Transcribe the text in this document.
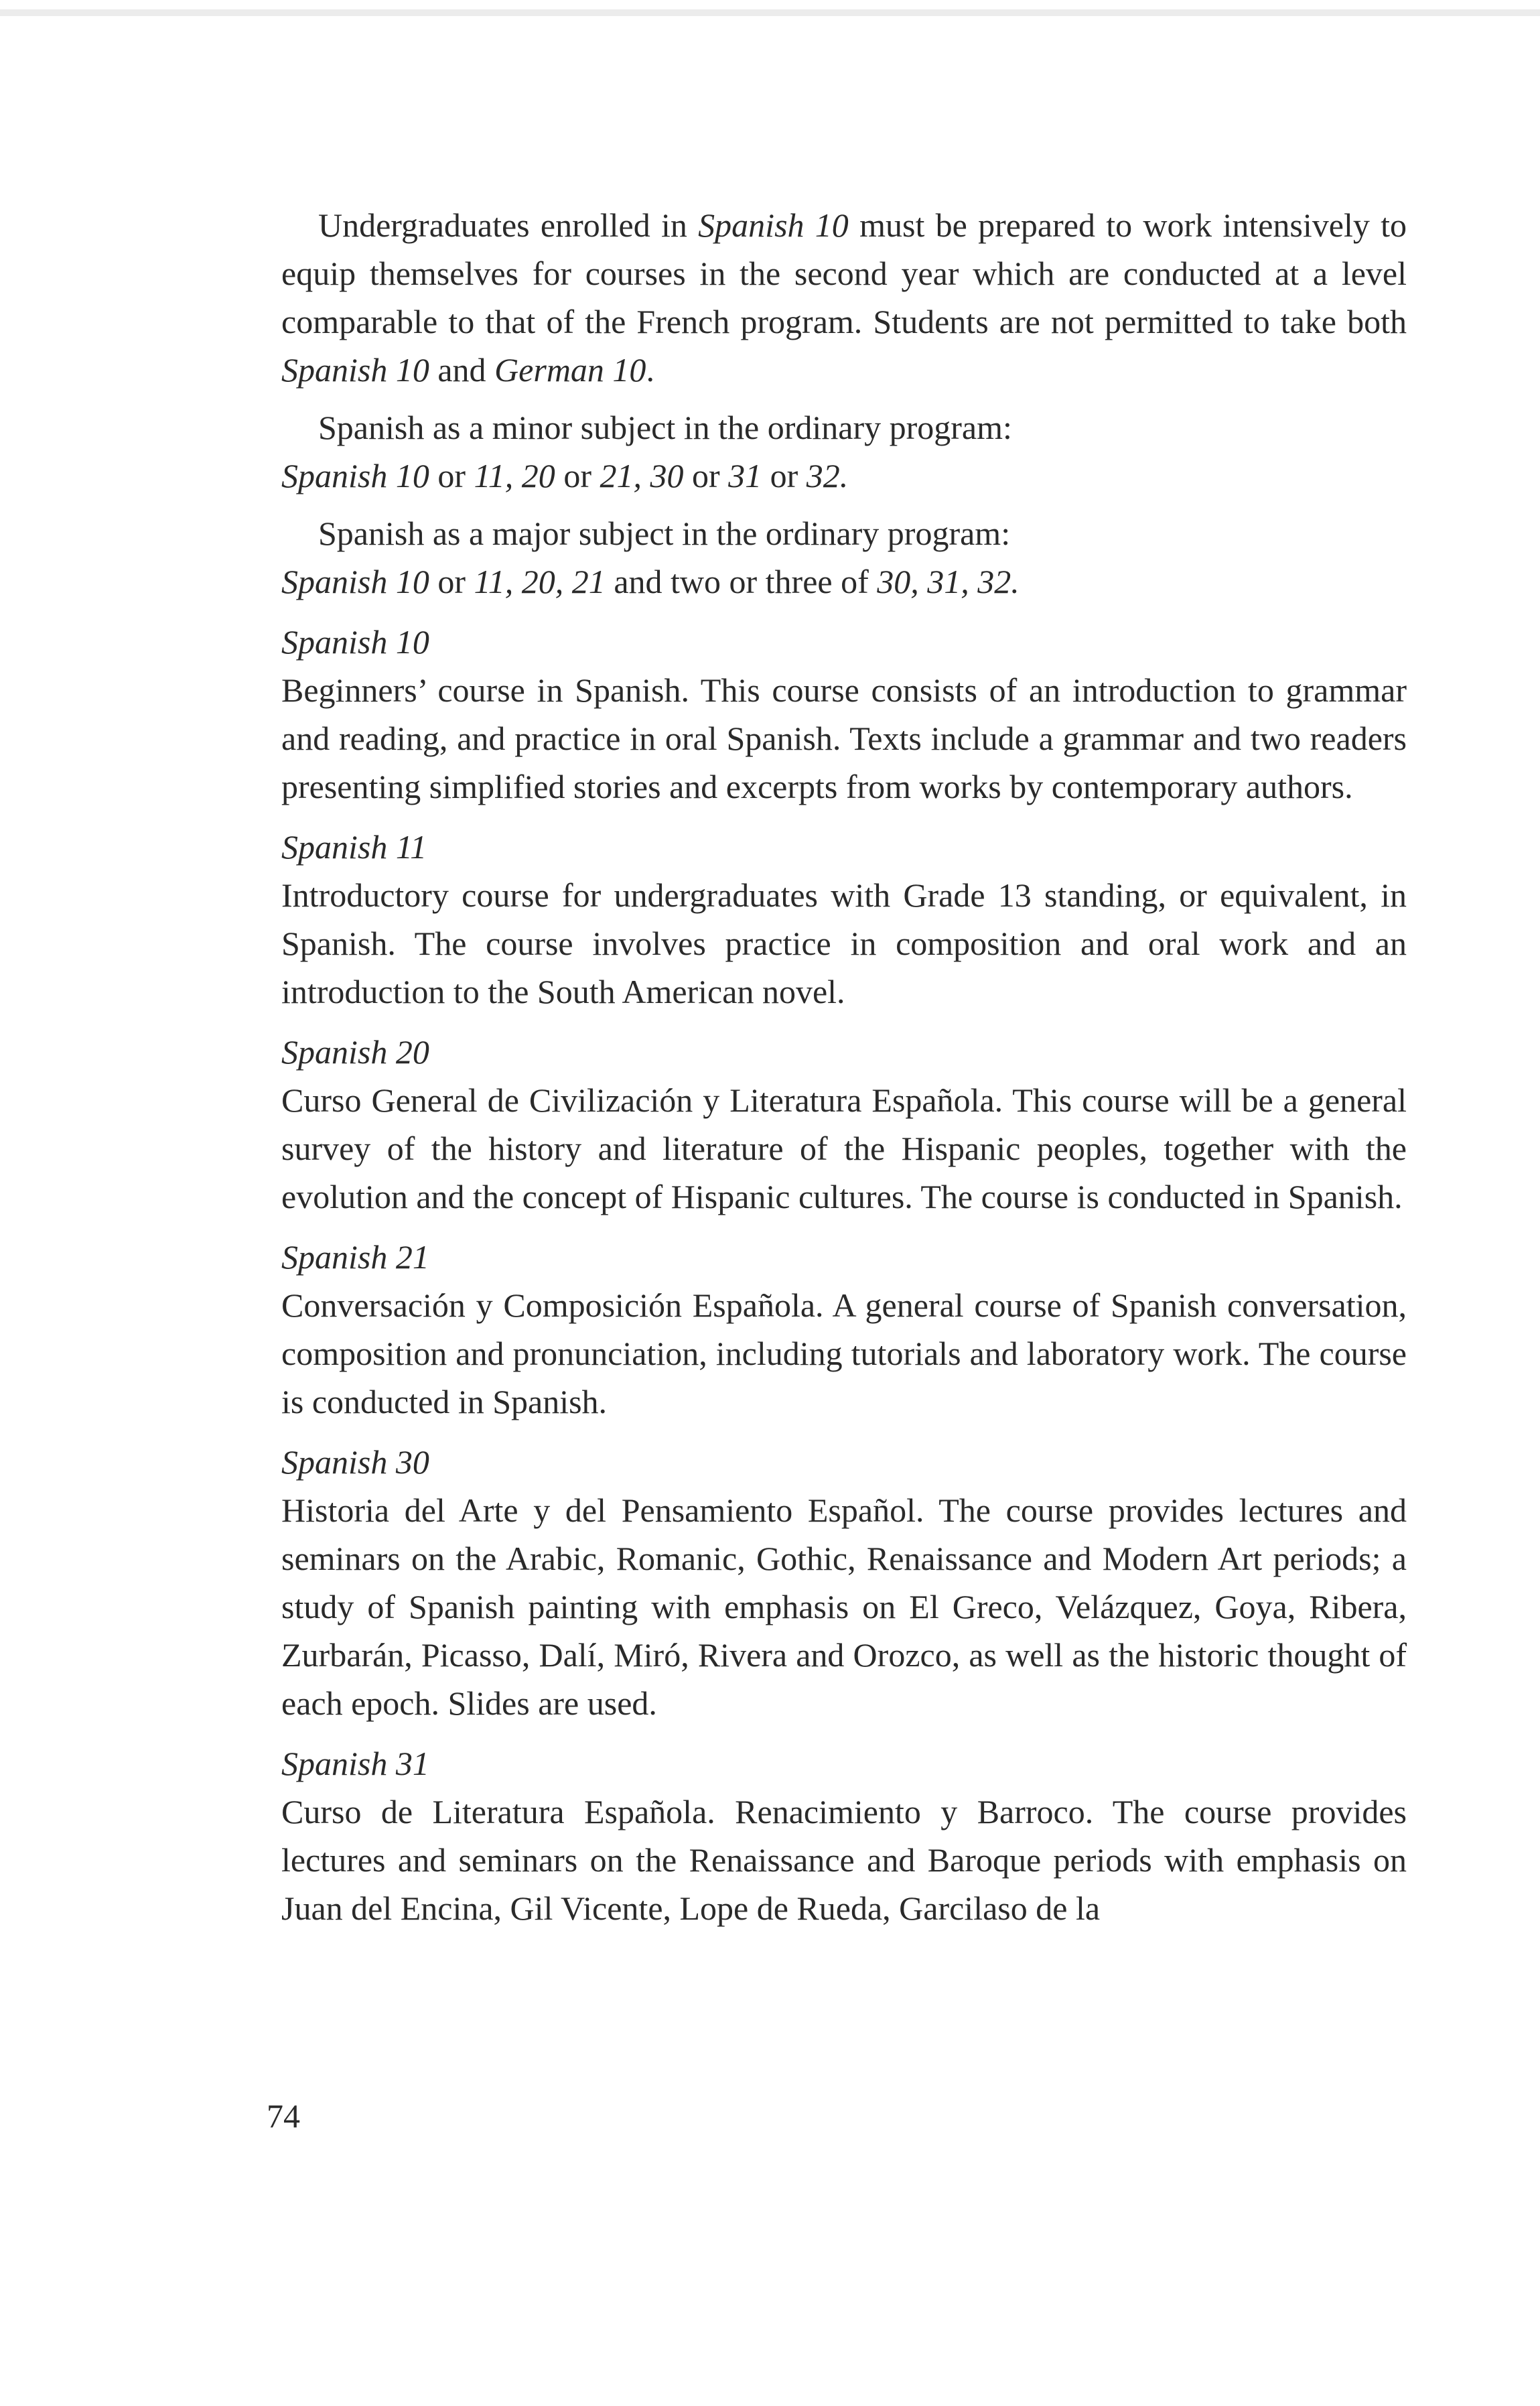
Undergraduates enrolled in Spanish 10 must be prepared to work intensively to equip themselves for courses in the second year which are conducted at a level comparable to that of the French program. Students are not permitted to take both Spanish 10 and German 10.

Spanish as a minor subject in the ordinary program:

Spanish 10 or 11, 20 or 21, 30 or 31 or 32.

Spanish as a major subject in the ordinary program:

Spanish 10 or 11, 20, 21 and two or three of 30, 31, 32.

Spanish 10

Beginners’ course in Spanish. This course consists of an introduction to grammar and reading, and practice in oral Spanish. Texts include a grammar and two readers presenting simplified stories and excerpts from works by contemporary authors.

Spanish 11

Introductory course for undergraduates with Grade 13 standing, or equivalent, in Spanish. The course involves practice in composition and oral work and an introduction to the South American novel.

Spanish 20

Curso General de Civilización y Literatura Española. This course will be a general survey of the history and literature of the Hispanic peoples, together with the evolution and the concept of Hispanic cultures. The course is conducted in Spanish.

Spanish 21

Conversación y Composición Española. A general course of Spanish conversation, composition and pronunciation, including tutorials and laboratory work. The course is conducted in Spanish.

Spanish 30

Historia del Arte y del Pensamiento Español. The course provides lectures and seminars on the Arabic, Romanic, Gothic, Renaissance and Modern Art periods; a study of Spanish painting with emphasis on El Greco, Velázquez, Goya, Ribera, Zurbarán, Picasso, Dalí, Miró, Rivera and Orozco, as well as the historic thought of each epoch. Slides are used.

Spanish 31

Curso de Literatura Española. Renacimiento y Barroco. The course provides lectures and seminars on the Renaissance and Baroque periods with emphasis on Juan del Encina, Gil Vicente, Lope de Rueda, Garcilaso de la

74
